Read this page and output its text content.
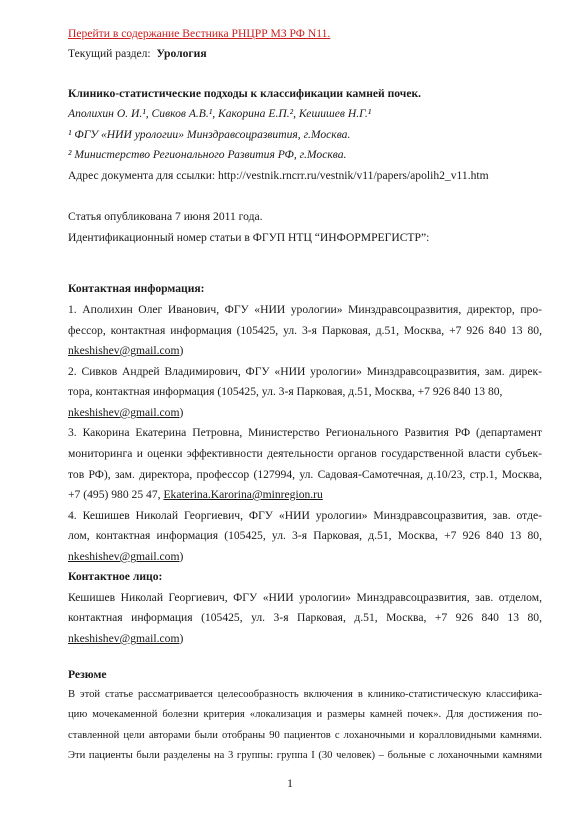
Перейти в содержание Вестника РНЦРР МЗ РФ N11.
Текущий раздел: Урология
Клинико-статистические подходы к классификации камней почек.
Аполихин О. И.¹, Сивков А.В.¹, Какорина Е.П.², Кешишев Н.Г.¹
¹ ФГУ «НИИ урологии» Минздравсоцразвития, г.Москва.
² Министерство Регионального Развития РФ, г.Москва.
Адрес документа для ссылки: http://vestnik.rncrr.ru/vestnik/v11/papers/apolih2_v11.htm
Статья опубликована 7 июня 2011 года.
Идентификационный номер статьи в ФГУП НТЦ “ИНФОРМРЕГИСТР”:
Контактная информация:
1. Аполихин Олег Иванович, ФГУ «НИИ урологии» Минздравсоцразвития, директор, про-
фессор, контактная информация (105425, ул. 3-я Парковая, д.51, Москва, +7 926 840 13 80,
nkeshishev@gmail.com)
2. Сивков Андрей Владимирович, ФГУ «НИИ урологии» Минздравсоцразвития, зам. дирек-
тора, контактная информация (105425, ул. 3-я Парковая, д.51, Москва, +7 926 840 13 80,
nkeshishev@gmail.com)
3. Какорина Екатерина Петровна, Министерство Регионального Развития РФ (департамент
мониторинга и оценки эффективности деятельности органов государственной власти субъек-
тов РФ), зам. директора, профессор (127994, ул. Садовая-Самотечная, д.10/23, стр.1, Москва,
+7 (495) 980 25 47, Ekaterina.Karorina@minregion.ru
4. Кешишев Николай Георгиевич, ФГУ «НИИ урологии» Минздравсоцразвития, зав. отде-
лом, контактная информация (105425, ул. 3-я Парковая, д.51, Москва, +7 926 840 13 80,
nkeshishev@gmail.com)
Контактное лицо:
Кешишев Николай Георгиевич, ФГУ «НИИ урологии» Минздравсоцразвития, зав. отделом,
контактная информация (105425, ул. 3-я Парковая, д.51, Москва, +7 926 840 13 80,
nkeshishev@gmail.com)
Резюме
В этой статье рассматривается целесообразность включения в клинико-статистическую классифика-
цию мочекаменной болезни критерия «локализация и размеры камней почек». Для достижения по-
ставленной цели авторами были отобраны 90 пациентов с лоханочными и коралловидными камнями.
Эти пациенты были разделены на 3 группы: группа I (30 человек) – больные с лоханочными камнями
1
